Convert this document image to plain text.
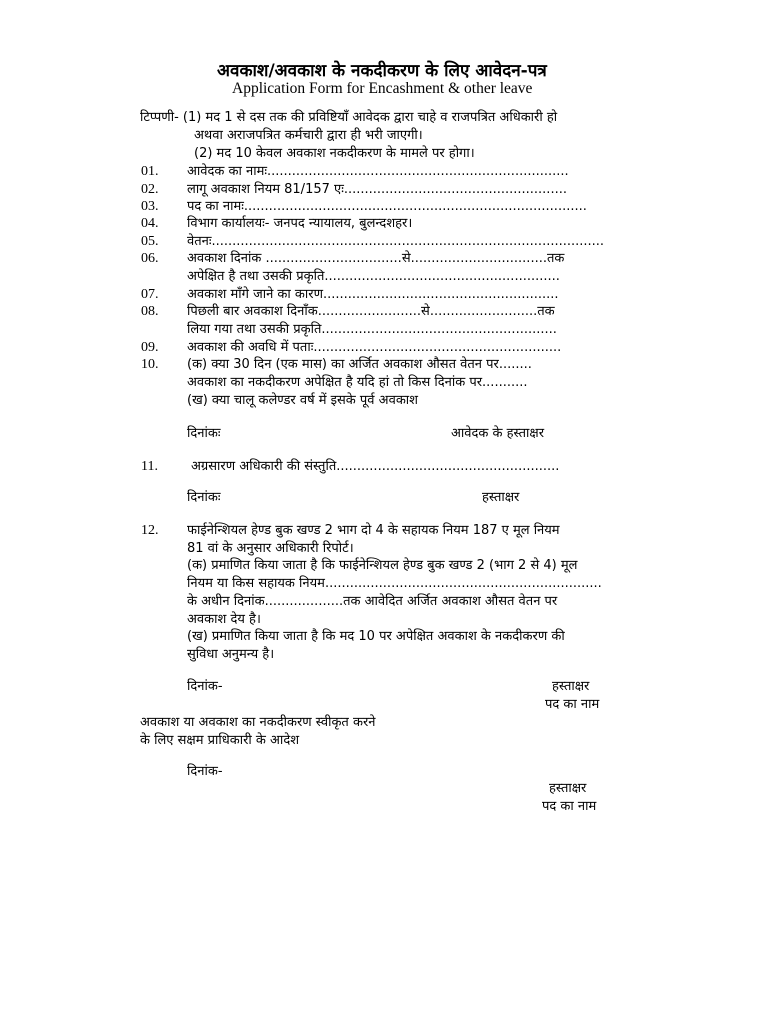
अवकाश/अवकाश के नकदीकरण के लिए आवेदन-पत्र
Application Form for Encashment & other leave
टिप्पणी- (1) मद 1 से दस तक की प्रविष्टियाँ आवेदक द्वारा चाहे व राजपत्रित अधिकारी हो
अथवा अराजपत्रित कर्मचारी द्वारा ही भरी जाएगी।
(2) मद 10 केवल अवकाश नकदीकरण के मामले पर होगा।
01. आवेदक का नामः.........................................................................
02. लागू अवकाश नियम 81/157 एः......................................................
03. पद का नामः...................................................................................
04. विभाग कार्यालयः- जनपद न्यायालय, बुलन्दशहर।
05. वेतनः...............................................................................................
06. अवकाश दिनांक .................................से.................................तक
अपेक्षित है तथा उसकी प्रकृति.........................................................
07. अवकाश माँगे जाने का कारण.........................................................
08. पिछली बार अवकाश दिनाँक.........................से..........................तक
लिया गया तथा उसकी प्रकृति.........................................................
09. अवकाश की अवधि में पताः............................................................
10. (क) क्या 30 दिन (एक मास) का अर्जित अवकाश औसत वेतन पर........
अवकाश का नकदीकरण अपेक्षित है यदि हां तो किस दिनांक पर...........
(ख) क्या चालू कलेण्डर वर्ष में इसके पूर्व अवकाश
दिनांकः	आवेदक के हस्ताक्षर
11.	अग्रसारण अधिकारी की संस्तुति......................................................
दिनांकः	हस्ताक्षर
12. फाईनेन्शियल हेण्ड बुक खण्ड 2 भाग दो 4 के सहायक नियम 187 ए मूल नियम
81 वां के अनुसार अधिकारी रिपोर्ट।
(क) प्रमाणित किया जाता है कि फाईनेन्शियल हेण्ड बुक खण्ड 2 (भाग 2 से 4) मूल
नियम या किस सहायक नियम...................................................................
के अधीन दिनांक...................तक आवेदित अर्जित अवकाश औसत वेतन पर
अवकाश देय है।
(ख) प्रमाणित किया जाता है कि मद 10 पर अपेक्षित अवकाश के नकदीकरण की
सुविधा अनुमन्य है।
दिनांक-	हस्ताक्षर
पद का नाम
अवकाश या अवकाश का नकदीकरण स्वीकृत करने
के लिए सक्षम प्राधिकारी के आदेश
दिनांक-
हस्ताक्षर
पद का नाम
